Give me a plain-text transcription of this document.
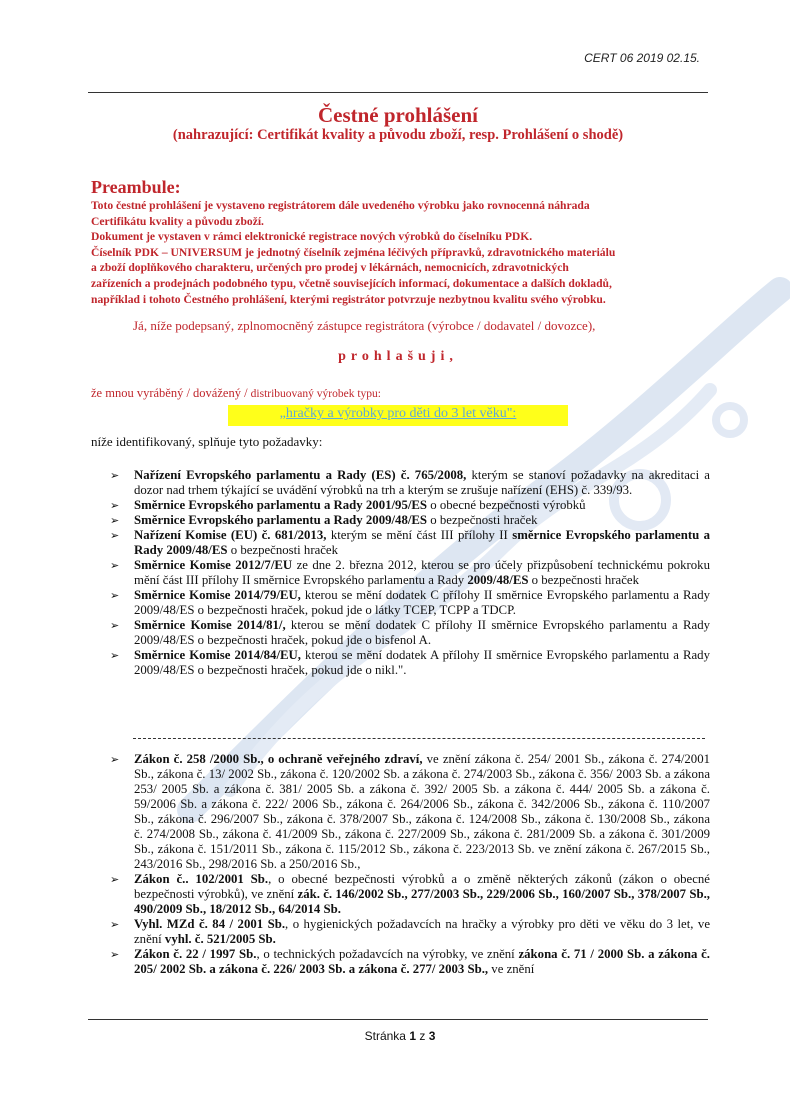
CERT 06 2019 02.15.
Čestné prohlášení
(nahrazující: Certifikát kvality a původu zboží, resp. Prohlášení o shodě)
Preambule:
Toto čestné prohlášení je vystaveno registrátorem dále uvedeného výrobku jako rovnocenná náhrada
Certifikátu kvality a původu zboží.
Dokument je vystaven v rámci elektronické registrace nových výrobků do číselníku PDK.
Číselník PDK – UNIVERSUM je jednotný číselník zejména léčivých přípravků, zdravotnického materiálu
a zboží doplňkového charakteru, určených pro prodej v lékárnách, nemocnicích, zdravotnických
zařízeních a prodejnách podobného typu, včetně souvisejících informací, dokumentace a dalších dokladů,
například i tohoto Čestného prohlášení, kterými registrátor potvrzuje nezbytnou kvalitu svého výrobku.
Já, níže podepsaný, zplnomocněný zástupce registrátora (výrobce / dodavatel / dovozce),
prohlašuji,
že mnou vyráběný / dovážený / distribuovaný výrobek typu:
„hračky a výrobky pro děti do 3 let věku":
níže identifikovaný, splňuje tyto požadavky:
➢ Nařízení Evropského parlamentu a Rady (ES) č. 765/2008, kterým se stanoví požadavky na akreditaci a dozor nad trhem týkající se uvádění výrobků na trh a kterým se zrušuje nařízení (EHS) č. 339/93.
➢ Směrnice Evropského parlamentu a Rady 2001/95/ES o obecné bezpečnosti výrobků
➢ Směrnice Evropského parlamentu a Rady 2009/48/ES o bezpečnosti hraček
➢ Nařízení Komise (EU) č. 681/2013, kterým se mění část III přílohy II směrnice Evropského parlamentu a Rady 2009/48/ES o bezpečnosti hraček
➢ Směrnice Komise 2012/7/EU ze dne 2. března 2012, kterou se pro účely přizpůsobení technickému pokroku mění část III přílohy II směrnice Evropského parlamentu a Rady 2009/48/ES o bezpečnosti hraček
➢ Směrnice Komise 2014/79/EU, kterou se mění dodatek C přílohy II směrnice Evropského parlamentu a Rady 2009/48/ES o bezpečnosti hraček, pokud jde o látky TCEP, TCPP a TDCP.
➢ Směrnice Komise 2014/81/, kterou se mění dodatek C přílohy II směrnice Evropského parlamentu a Rady 2009/48/ES o bezpečnosti hraček, pokud jde o bisfenol A.
➢ Směrnice Komise 2014/84/EU, kterou se mění dodatek A přílohy II směrnice Evropského parlamentu a Rady 2009/48/ES o bezpečnosti hraček, pokud jde o nikl.".
➢ Zákon č. 258 /2000 Sb., o ochraně veřejného zdraví, ve znění zákona č. 254/ 2001 Sb., zákona č. 274/2001 Sb., zákona č. 13/ 2002 Sb., zákona č. 120/2002 Sb. a zákona č. 274/2003 Sb., zákona č. 356/ 2003 Sb. a zákona 253/ 2005 Sb. a zákona č. 381/ 2005 Sb. a zákona č. 392/ 2005 Sb. a zákona č. 444/ 2005 Sb. a zákona č. 59/2006 Sb. a zákona č. 222/ 2006 Sb., zákona č. 264/2006 Sb., zákona č. 342/2006 Sb., zákona č. 110/2007 Sb., zákona č. 296/2007 Sb., zákona č. 378/2007 Sb., zákona č. 124/2008 Sb., zákona č. 130/2008 Sb., zákona č. 274/2008 Sb., zákona č. 41/2009 Sb., zákona č. 227/2009 Sb., zákona č. 281/2009 Sb. a zákona č. 301/2009 Sb., zákona č. 151/2011 Sb., zákona č. 115/2012 Sb., zákona č. 223/2013 Sb. ve znění zákona č. 267/2015 Sb., 243/2016 Sb., 298/2016 Sb. a 250/2016 Sb.,
➢ Zákon č.. 102/2001 Sb., o obecné bezpečnosti výrobků a o změně některých zákonů (zákon o obecné bezpečnosti výrobků), ve znění zák. č. 146/2002 Sb., 277/2003 Sb., 229/2006 Sb., 160/2007 Sb., 378/2007 Sb., 490/2009 Sb., 18/2012 Sb., 64/2014 Sb.
➢ Vyhl. MZd č. 84 / 2001 Sb., o hygienických požadavcích na hračky a výrobky pro děti ve věku do 3 let, ve znění vyhl. č. 521/2005 Sb.
➢ Zákon č. 22 / 1997 Sb., o technických požadavcích na výrobky, ve znění zákona č. 71 / 2000 Sb. a zákona č. 205/ 2002 Sb. a zákona č. 226/ 2003 Sb. a zákona č. 277/ 2003 Sb., ve znění
Stránka 1 z 3
